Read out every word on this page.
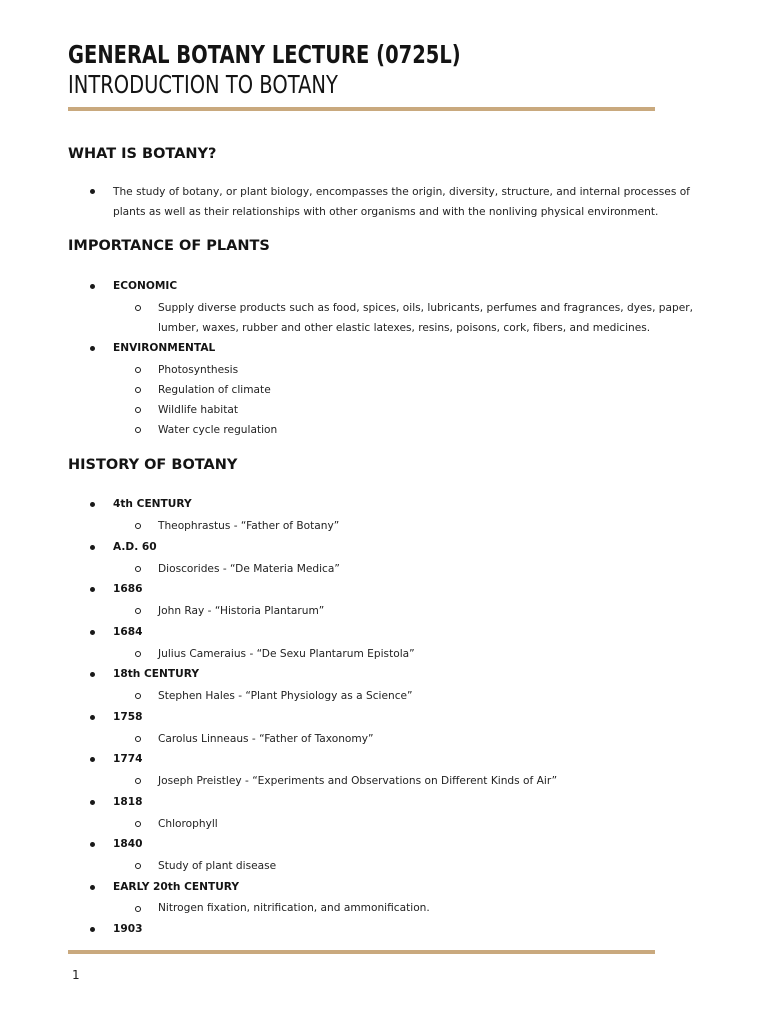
GENERAL BOTANY LECTURE (0725L)
INTRODUCTION TO BOTANY
WHAT IS BOTANY?
The study of botany, or plant biology, encompasses the origin, diversity, structure, and internal processes of
plants as well as their relationships with other organisms and with the nonliving physical environment.
IMPORTANCE OF PLANTS
ECONOMIC
Supply diverse products such as food, spices, oils, lubricants, perfumes and fragrances, dyes, paper,
lumber, waxes, rubber and other elastic latexes, resins, poisons, cork, fibers, and medicines.
ENVIRONMENTAL
Photosynthesis
Regulation of climate
Wildlife habitat
Water cycle regulation
HISTORY OF BOTANY
4th CENTURY
Theophrastus - “Father of Botany”
A.D. 60
Dioscorides - “De Materia Medica”
1686
John Ray - “Historia Plantarum”
1684
Julius Cameraius - “De Sexu Plantarum Epistola”
18th CENTURY
Stephen Hales - “Plant Physiology as a Science”
1758
Carolus Linneaus - “Father of Taxonomy”
1774
Joseph Preistley - “Experiments and Observations on Different Kinds of Air”
1818
Chlorophyll
1840
Study of plant disease
EARLY 20th CENTURY
Nitrogen fixation, nitrification, and ammonification.
1903
1
